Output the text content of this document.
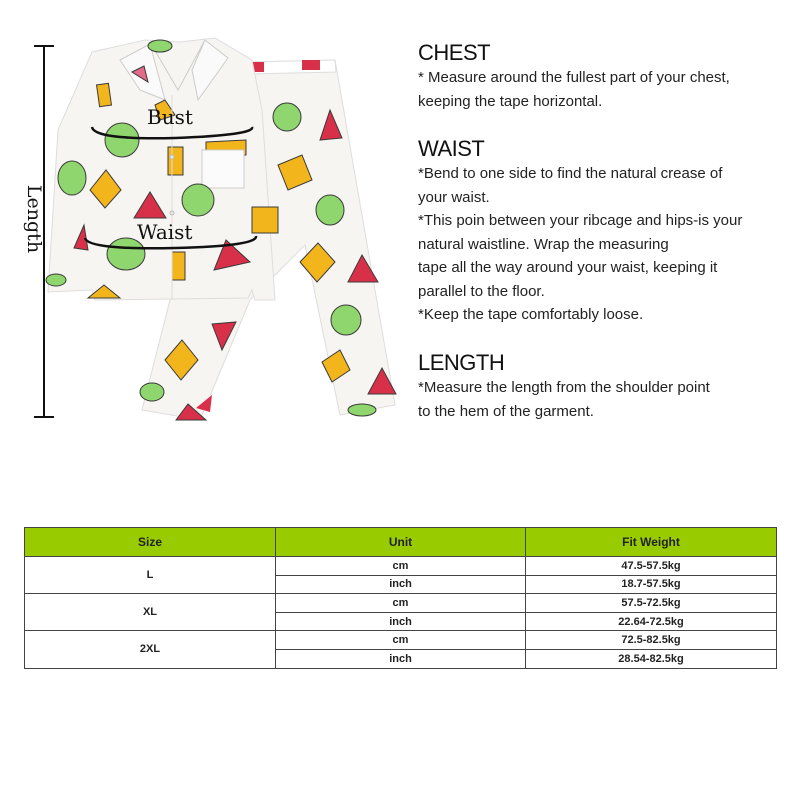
Bust
Waist
Length
CHEST
* Measure around the fullest part of your chest,
keeping the tape horizontal.
WAIST
*Bend to one side to find the natural crease of
your waist.
*This poin between your ribcage and hips-is your
natural waistline. Wrap the measuring
tape all the way around your waist, keeping it
parallel to the floor.
*Keep the tape comfortably loose.
LENGTH
*Measure the length from the shoulder point
to the hem of the garment.
Size	Unit	Fit Weight
L	cm	47.5-57.5kg
	inch	18.7-57.5kg
XL	cm	57.5-72.5kg
	inch	22.64-72.5kg
2XL	cm	72.5-82.5kg
	inch	28.54-82.5kg
